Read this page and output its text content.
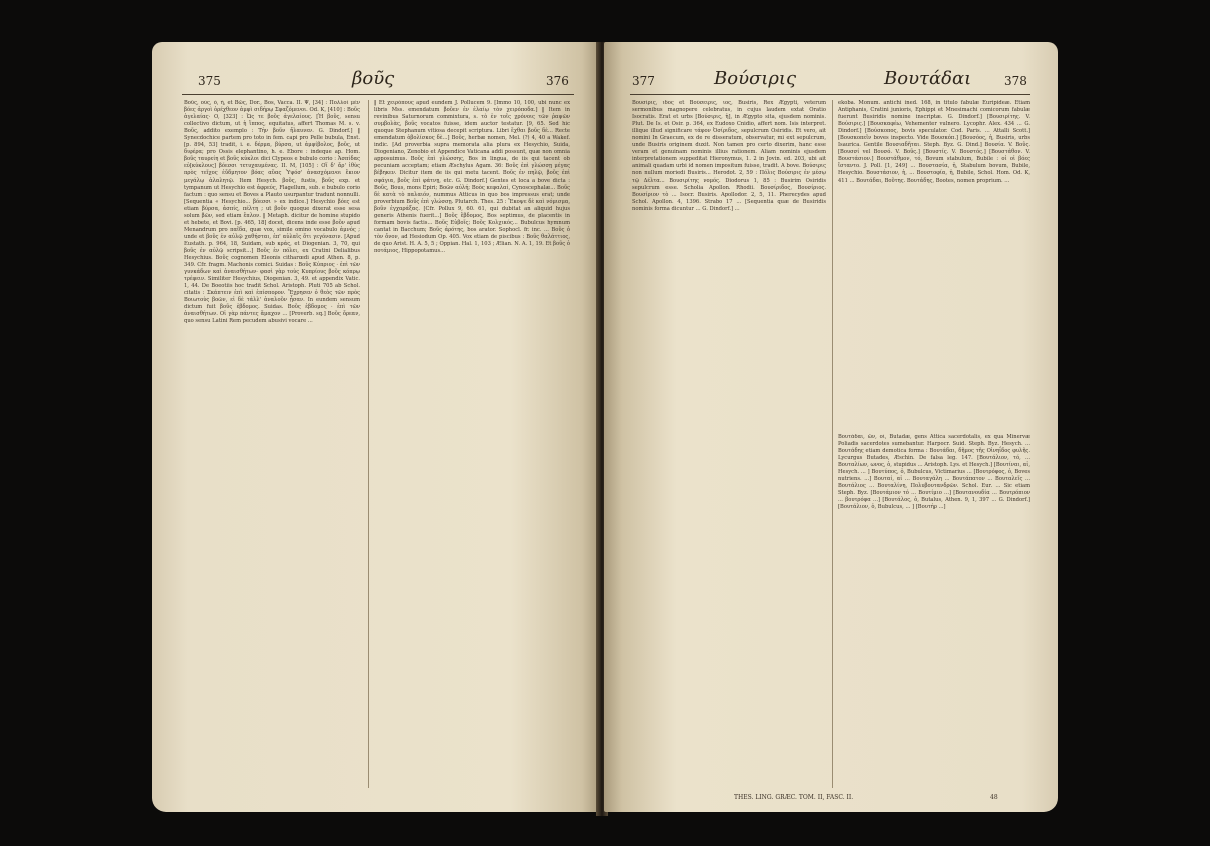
375	βοῦς	376
Βοῦς, οὐς, ὁ, ἡ, et Βῶς, Dor., Bos, Vacca. II. Ψ, [34] : Πολλοὶ μὲν βόες ἀργοὶ ὀρέχθεον ἀμφὶ σιδήρῳ Σφαζόμενοι. Od. K, [410] : Βοῦς ἀγελαίας· O, [323] : Ὡς τε βοῦς ἀγελαίους. [Ἡ βοῦς, sensu collectivo dictum, ut ἡ ἵππος, equitatus, affert Thomas M. s. v. Βοῦς, addito exemplo : Τὴν βοῦν ἤλαυνεν. G. Dindorf.] ‖ Synecdochice partem pro toto in fem. capi pro Pelle bubula, Enst. [p. 894, 53] tradit, i. e. δέρμα, βύρσα, ut ἀμφίβολος, βοῦς, ut διφέρα; pro Ossis elephantino, h. e. Ebore : indeque ap. Hom. βοῦς ταυρείη et βοῦς κύκλοι dici Clypeos e bubulo corio : Ἀσπίδας εὐ[κύκλους] βόεσσι τετυχαυμένας. II. M, [105] : Οἵ δ' ἄρ' ἰθὺς πρὸς τεῖχος ἐὔδμητον βόας αὔας Ὑψόσ' ἀνασχόμενοι ἔκιον μεγάλῳ ἀλαλητῷ. Item Hesych. βοῦς, fustis, βοῦς exp. et tympanum ut Hesychio est ἀφρεύς, Flagellum, sub. e bubulo corio factum : quo sensu et Boves a Plauto usurpantur tradunt nonnulli. [Sequentia « Hesychio... βόεσσι » ex indice.] Hesychio βόες est etiam βύρσα, ἀσπίς, πέλτη ; ut βοῦν quoque dixerat esse sesa solum βῶν, sed etiam ἔπλον. ‖ Metaph. dicitur de homine stupido et hebete, et Bovi. [p. 465, 18] docet, dicens inde esse βοῦν apud Menandrum pro παῖδα, quæ vox, simile omino vocabulo ἀμνός ; unde et βοῦς ἐν αὐλῷ χαθήσται, ἐπ' αὐλαῖς ὅτι γεγόνασιν. [Apud Eustath. p. 964, 18, Suidam, sub κράς, et Diogenian. 3, 70, qui βοῦς ἐν αὐλῷ scripsit...] Βοῦς ἐν πόλει, ex Cratini Delialibus Hesychius. Βοῦς cognomen Eleonis citharœdi apud Athen. 8, p. 349. Cfr. fragm. Machonis comici. Suidas : Βοῦς Κύπριος · ἐπὶ τῶν γυνκάδων καὶ ἀναισθήτων· φασὶ γὰρ τοὺς Κυπρίους βοῦς κόπρῳ τρέφειν. Similiter Hesychius, Diogenian. 3, 49. et appendix Vatic. 1, 44. De Boeotiis hoc tradit Schol. Aristoph. Pluti 705 ab Schol. citatis : Σκάπτειν ἐπὶ καὶ ἐπίσπορον. Ἔχρησεν ὁ θεὸς τῶν πρὸς Βοιωτοὺς βοῶν, εἰ δὲ τάλλ' ἀναλοῦν ᾖσαν. In eundem sensum dictum fuit βοῦς ἐβδομος. Suidas. Βοῦς ἐβδομος · ἐπὶ τῶν ἀναισθήτων. Οἱ γὰρ πάντες ἄμαχον ... [Proverb. sq.] Βοῦς ὄρεαν, quo sensu Latini Rem pecudem abusivi vocare ...
‖ Et χειρόπους apud eundem J. Pollucem 9. [Immo 10, 100, ubi nunc ex libris Mss. emendatum βοῦεν ἐν ἐλαίῳ τὸν χειρόποδα.] ‖ Item in revinibus Saturnorum commixtura, s. τὸ ἐν τοῖς χρόνοις τῶν ῥαψῶν συμβολὰς, βοῦς vocatos fuisse, idem auctor testatur. [9, 65. Sed hic quoque Stephanum vitiosa decepit scriptura. Libri ἔχθαι βοῦς δὲ... Recte emendatum ὀβολίσκος δὲ...] Βοῦς, herbæ nomen, Mel. (?) 4, 40 a Wakef. indic. [Ad proverbia supra memorata alia plura ex Hesychio, Suida, Diogeniano, Zenobio et Appendice Vaticana addi possunt, quæ non omnia apposuimus. Βοῦς ἐπὶ γλώσσης, Bos in lingua, de iis qui tacent ob pecuniam acceptam; etiam Æschylus Agam. 36: Βοῦς ἐπὶ γλώσσῃ μέγας βέβηκεν. Dicitur item de iis qui metu tacent. Βοῦς ἐν πηλῷ, βοῦς ἐπὶ σφάγια, βοῦς ἐπὶ φάτνῃ, etc. G. Dindorf.] Gentes et loca a bove dicta : Βοῦς, Bous, mons Epiri; Βοῶν αὐλή; Βοὸς κεφαλαί, Cynoscephalæ... Βοῦς δὲ κατὰ τὸ παλαιόν, nummus Atticus in quo bos impressus erat; unde proverbium Βοῦς ἐπὶ γλώσσῃ. Plutarch. Thes. 25 : Ἔκοψε δὲ καὶ νόμισμα, βοῦν ἐγχαράξας. [Cfr. Pollux 9, 60. 61, qui dubitat an aliquid hujus generis Athenis fuerit...] Βοῦς ἕβδομος, Bos septimus, de placentis in formam bovis factis... Βοῦς Εὐβοῖς; Βοῦς Κολχικός... Bubulcus hymnum cantat in Bacchum; Βοῦς ἀρότης, bos arator. Sophocl. fr. inc. ... Βοῦς ὁ τὸν ὄνον, ad Hesiodum Op. 405. Vox etiam de piscibus : Βοῦς θαλάττιος, de quo Arist. H. A. 5, 5 ; Oppian. Hal. 1, 103 ; Ælian. N. A. 1, 19. Et βοῦς ὁ ποτάμιος, Hippopotamus...
377	Βούσιρις	Βουτάδαι	378
Βουσίρις, ιδος et Βούσειρις, ιος, Busiris, Rex Ægypti, veterum sermonibus magnopere celebratus, in cujus laudem extat Oratio Isocratis. Erat et urbs [Βούσιρις, ἡ], in Ægypto sita, ejusdem nominis. Plut. De Is. et Osir. p. 364, ex Eudoxo Cnidio, affert nom. Isis interpret. illique illud significare τάφον Ὀσίριδος, sepulcrum Osiridis. Et vero, ait nomini In Graecum, ex de re disseratum, observatur, mi ext sepulcrum, unde Busiris originem duxit. Non tamen pro certo dixerim, hanc esse veram et genuinam nominis illius rationem. Aliam nominis ejusdem interpretationem suppeditat Hieronymus, 1. 2 in Jovin. ed. 203, ubi ait animali quadam urbi id nomen impositum fuisse, tradit. A bove. Βούσιρις non nullum moriedi Busiris... Herodot. 2, 59 : Πόλις Βούσιρις ἐν μέσῳ τῷ Δέλτα... Βουσιρίτης νομός. Diodorus 1, 85 : Busirim Osiridis sepulcrum esse. Scholia Apollon. Rhodii. Βουσίριδος, Βουσίριος. Βουσίριον τὸ ... Isocr. Busiris. Apollodor. 2, 5, 11. Pherecydes apud Schol. Apollon. 4, 1396. Strabo 17 ... [Sequentia quæ de Busiridis nominis forma dicuntur ... G. Dindorf.] ...
ekoba. Monum. antichi ined. 168, in titulo fabulæ Euripideæ. Etiam Antiphanis, Cratini junioris, Ephippi et Mnesimachi comicorum fabulæ fuerunt Busiridis nomine inscriptæ. G. Dindorf.] [Βουσιρίτης. V. Βούσιρις.] [Βουσκαφέω, Vehementer vulnero. Lycophr. Alex. 434 ... G. Dindorf.] [Βούσκοπος, bovis speculator. Cod. Paris. ... Attalli Scott.] [Βουσκοπεῖν boves inspecto. Vide Βουσκόπ.] [Βουσόος, ἡ, Busiris, urbs Isaurica. Gentile Βουσιαδῆται. Steph. Byz. G. Dind.] Βουσία. V. Βοῦς. [Βουσσί vel Βουσό. V. Βοῦς.] [Βουστίς. V. Βουστός.] [Βουστάθον. V. Βουστάσιον.] Βουστάθμον, τό, Bovum stabulum, Bubile : οἱ οἱ βόες ἵσταντο. J. Poll. [1, 249] ... Βουστασία, ἡ, Stabulum bovum, Bubile, Hesychio. Βουστάσιον, ἡ, ... Βουστοφία, ἡ, Bubile, Schol. Hom. Od. K, 411 ... Βουτάδαι, Βοῦτης. Βουτάδης, Bootes, nomen proprium. ...
Βουτάδαι, ῶν, οἱ, Butadæ, gens Attica sacerdotalis, ex qua Minervæ Poliadis sacerdotes sumebantur. Harpocr. Suid. Steph. Byz. Hesych. ... Βουτάδης etiam demotica forma : Βουτάδαι, δῆμος τῆς Οἰνηΐδος φυλῆς. Lycurgus Butades, Æschin. De falsa leg. 147. [Βουτάλιον, τό, ... Βουταλίων, ωνος, ὁ, stupidus ... Aristoph. Lys. et Hesych.] [Βουτίναι, αἱ, Hesych. ... ] Βουτύπος, ὁ, Bubulcus, Victimarius ... [Βουτρόφος, ὁ, Boves nutriens. ...] Βουταί, αἱ ... Βουταγάλη ... Βουτάπατον ... Βουταλεῖς ... Βουτάλιος ... Βουταλίνη, Πολυβουτανδρῶν. Schol. Eur. ... Sic etiam Steph. Byz. [Βουτάμιον τό ... Βουτίμιο ...] [Βουτανουδία ... Βουτρόπιον ... βουτρόφα ...] [Βουτάλος, ὁ, Butalus, Athen. 9, 1, 397 ... G. Dindorf.] [Βουτάλιον, ὁ, Bubulcus, ... ] [Βουτήρ ...]
THES. LING. GRÆC. TOM. II, FASC. II.	48
